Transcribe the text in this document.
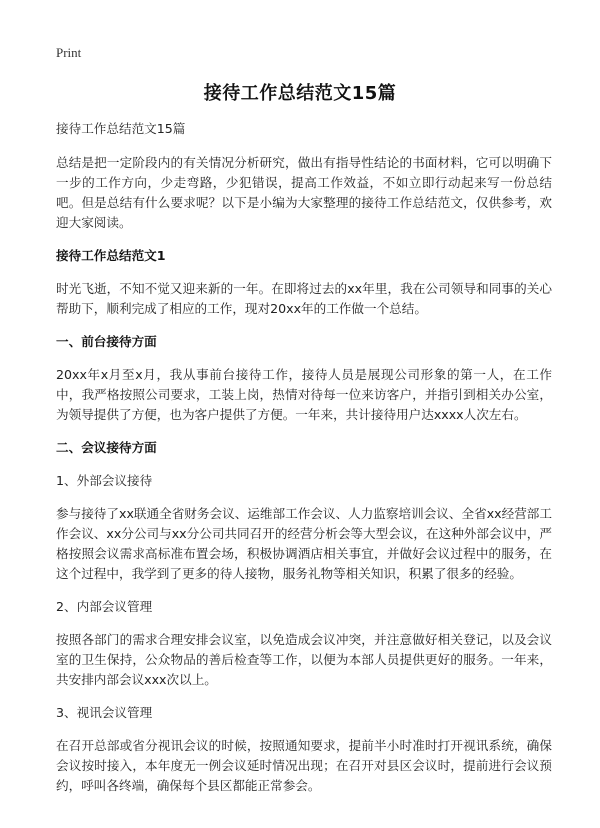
Print
接待工作总结范文15篇

接待工作总结范文15篇

总结是把一定阶段内的有关情况分析研究，做出有指导性结论的书面材料，它可以明确下一步的工作方向，少走弯路，少犯错误，提高工作效益，不如立即行动起来写一份总结吧。但是总结有什么要求呢？以下是小编为大家整理的接待工作总结范文，仅供参考，欢迎大家阅读。

接待工作总结范文1

时光飞逝，不知不觉又迎来新的一年。在即将过去的xx年里，我在公司领导和同事的关心帮助下，顺利完成了相应的工作，现对20xx年的工作做一个总结。

一、前台接待方面

20xx年x月至x月，我从事前台接待工作，接待人员是展现公司形象的第一人，在工作中，我严格按照公司要求，工装上岗，热情对待每一位来访客户，并指引到相关办公室，为领导提供了方便，也为客户提供了方便。一年来，共计接待用户达xxxx人次左右。

二、会议接待方面

1、外部会议接待

参与接待了xx联通全省财务会议、运维部工作会议、人力监察培训会议、全省xx经营部工作会议、xx分公司与xx分公司共同召开的经营分析会等大型会议，在这种外部会议中，严格按照会议需求高标准布置会场，积极协调酒店相关事宜，并做好会议过程中的服务，在这个过程中，我学到了更多的待人接物，服务礼物等相关知识，积累了很多的经验。

2、内部会议管理

按照各部门的需求合理安排会议室，以免造成会议冲突，并注意做好相关登记，以及会议室的卫生保持，公众物品的善后检查等工作，以便为本部人员提供更好的服务。一年来，共安排内部会议xxx次以上。

3、视讯会议管理

在召开总部或省分视讯会议的时候，按照通知要求，提前半小时准时打开视讯系统，确保会议按时接入，本年度无一例会议延时情况出现；在召开对县区会议时，提前进行会议预约，呼叫各终端，确保每个县区都能正常参会。
